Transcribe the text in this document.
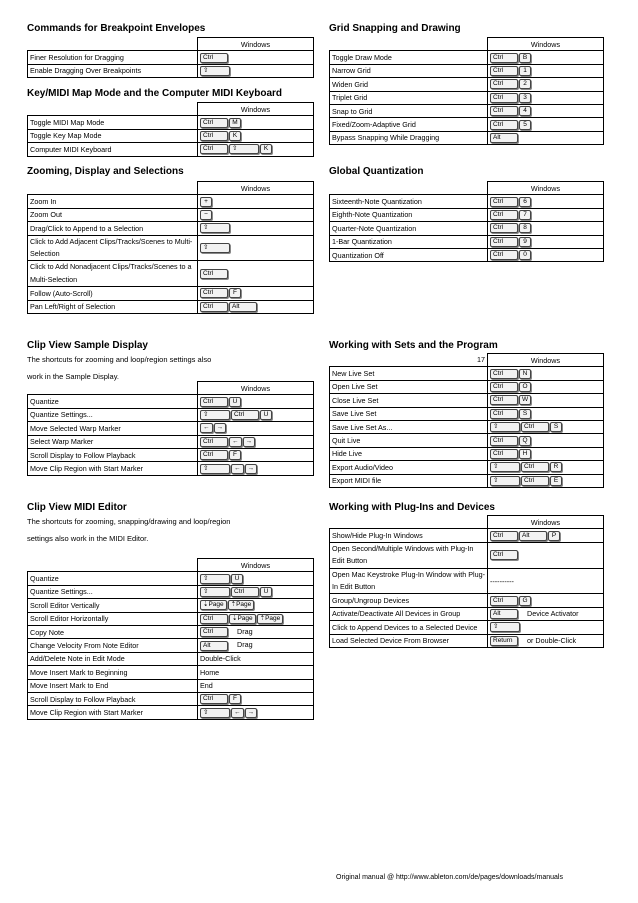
Commands for Breakpoint Envelopes
	Windows
Finer Resolution for Dragging	Ctrl
Enable Dragging Over Breakpoints	⇧
Key/MIDI Map Mode and the Computer MIDI Keyboard
	Windows
Toggle MIDI Map Mode	Ctrl M
Toggle Key Map Mode	Ctrl K
Computer MIDI Keyboard	Ctrl ⇧ K
Zooming, Display and Selections
	Windows
Zoom In	+
Zoom Out	−
Drag/Click to Append to a Selection	⇧
Click to Add Adjacent Clips/Tracks/Scenes to Multi-Selection	⇧
Click to Add Nonadjacent Clips/Tracks/Scenes to a Multi-Selection	Ctrl
Follow (Auto-Scroll)	Ctrl F
Pan Left/Right of Selection	Ctrl Alt
Clip View Sample Display
The shortcuts for zooming and loop/region settings also
work in the Sample Display.
	Windows
Quantize	Ctrl U
Quantize Settings...	⇧ Ctrl U
Move Selected Warp Marker	← →
Select Warp Marker	Ctrl ← →
Scroll Display to Follow Playback	Ctrl F
Move Clip Region with Start Marker	⇧ ← →
Clip View MIDI Editor
The shortcuts for zooming, snapping/drawing and loop/region
settings also work in the MIDI Editor.
	Windows
Quantize	⇧ U
Quantize Settings...	⇧ Ctrl U
Scroll Editor Vertically	⇣Page ⇡Page
Scroll Editor Horizontally	Ctrl ⇣Page ⇡Page
Copy Note	Ctrl Drag
Change Velocity From Note Editor	Alt Drag
Add/Delete Note in Edit Mode	Double-Click
Move Insert Mark to Beginning	Home
Move Insert Mark to End	End
Scroll Display to Follow Playback	Ctrl F
Move Clip Region with Start Marker	⇧ ← →
Grid Snapping and Drawing
	Windows
Toggle Draw Mode	Ctrl B
Narrow Grid	Ctrl 1
Widen Grid	Ctrl 2
Triplet Grid	Ctrl 3
Snap to Grid	Ctrl 4
Fixed/Zoom-Adaptive Grid	Ctrl 5
Bypass Snapping While Dragging	Alt
Global Quantization
	Windows
Sixteenth-Note Quantization	Ctrl 6
Eighth-Note Quantization	Ctrl 7
Quarter-Note Quantization	Ctrl 8
1-Bar Quantization	Ctrl 9
Quantization Off	Ctrl 0
Working with Sets and the Program
17	Windows
New Live Set	Ctrl N
Open Live Set	Ctrl O
Close Live Set	Ctrl W
Save Live Set	Ctrl S
Save Live Set As...	⇧ Ctrl S
Quit Live	Ctrl Q
Hide Live	Ctrl H
Export Audio/Video	⇧ Ctrl R
Export MIDI file	⇧ Ctrl E
Working with Plug-Ins and Devices
	Windows
Show/Hide Plug-In Windows	Ctrl Alt P
Open Second/Multiple Windows with Plug-In Edit Button	Ctrl
Open Mac Keystroke Plug-In Window with Plug-In Edit Button	----------
Group/Ungroup Devices	Ctrl G
Activate/Deactivate All Devices in Group	Alt Device Activator
Click to Append Devices to a Selected Device	⇧
Load Selected Device From Browser	Return or Double-Click
Original manual @ http://www.ableton.com/de/pages/downloads/manuals
